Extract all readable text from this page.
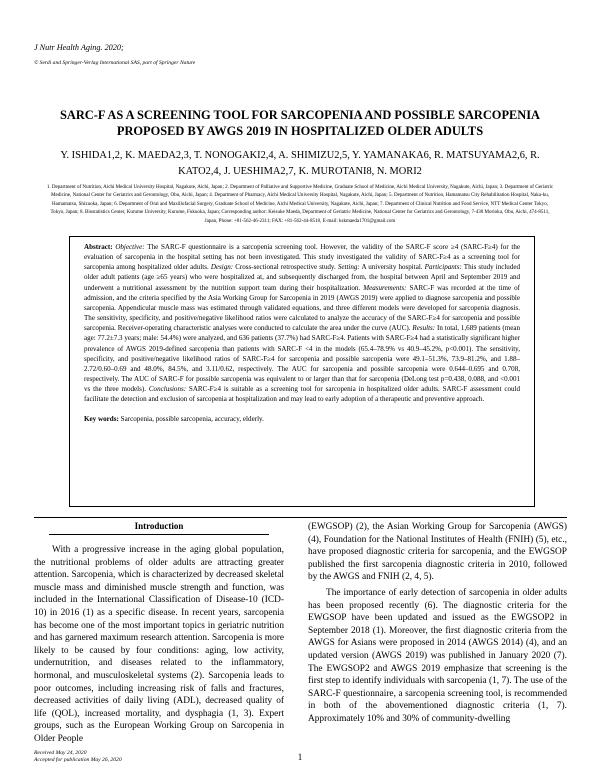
J Nutr Health Aging. 2020;
© Serdi and Springer-Verlag International SAS, part of Springer Nature
SARC-F AS A SCREENING TOOL FOR SARCOPENIA AND POSSIBLE SARCOPENIA PROPOSED BY AWGS 2019 IN HOSPITALIZED OLDER ADULTS
Y. ISHIDA1,2, K. MAEDA2,3, T. NONOGAKI2,4, A. SHIMIZU2,5, Y. YAMANAKA6, R. MATSUYAMA2,6, R. KATO2,4, J. UESHIMA2,7, K. MUROTANI8, N. MORI2
1. Department of Nutrition, Aichi Medical University Hospital, Nagakute, Aichi, Japan; 2. Department of Palliative and Supportive Medicine, Graduate School of Medicine, Aichi Medical University, Nagakute, Aichi, Japan; 3. Department of Geriatric Medicine, National Center for Geriatrics and Gerontology, Obu, Aichi, Japan; 4. Department of Pharmacy, Aichi Medical University Hospital, Nagakute, Aichi, Japan; 5. Department of Nutrition, Hamamatsu City Rehabilitation Hospital, Naka-ku, Hamamatsu, Shizuoka, Japan; 6. Department of Oral and Maxillofacial Surgery, Graduate School of Medicine, Aichi Medical University, Nagakute, Aichi, Japan; 7. Department of Clinical Nutrition and Food Service, NTT Medical Center Tokyo, Tokyo, Japan; 8. Biostatistics Center, Kurume University, Kurume, Fukuoka, Japan; Corresponding author: Keisuke Maeda, Department of Geriatric Medicine, National Center for Geriatrics and Gerontology, 7-430 Morioka, Obu, Aichi, 474-8511, Japan, Phone: +81-562-46-2311; FAX: +81-562-44-8518, E-mail: kskmaeda1701@gmail.com
Abstract: Objective: The SARC-F questionnaire is a sarcopenia screening tool. However, the validity of the SARC-F score ≥4 (SARC-F≥4) for the evaluation of sarcopenia in the hospital setting has not been investigated. This study investigated the validity of SARC-F≥4 as a screening tool for sarcopenia among hospitalized older adults. Design: Cross-sectional retrospective study. Setting: A university hospital. Participants: This study included older adult patients (age ≥65 years) who were hospitalized at, and subsequently discharged from, the hospital between April and September 2019 and underwent a nutritional assessment by the nutrition support team during their hospitalization. Measurements: SARC-F was recorded at the time of admission, and the criteria specified by the Asia Working Group for Sarcopenia in 2019 (AWGS 2019) were applied to diagnose sarcopenia and possible sarcopenia. Appendicular muscle mass was estimated through validated equations, and three different models were developed for sarcopenia diagnosis. The sensitivity, specificity, and positive/negative likelihood ratios were calculated to analyze the accuracy of the SARC-F≥4 for sarcopenia and possible sarcopenia. Receiver-operating characteristic analyses were conducted to calculate the area under the curve (AUC). Results: In total, 1,689 patients (mean age: 77.2±7.3 years; male: 54.4%) were analyzed, and 636 patients (37.7%) had SARC-F≥4. Patients with SARC-F≥4 had a statistically significant higher prevalence of AWGS 2019-defined sarcopenia than patients with SARC-F <4 in the models (65.4–78.9% vs 40.9–45.2%, p<0.001). The sensitivity, specificity, and positive/negative likelihood ratios of SARC-F≥4 for sarcopenia and possible sarcopenia were 49.1–51.3%, 73.9–81.2%, and 1.88–2.72/0.60–0.69 and 48.0%, 84.5%, and 3.11/0.62, respectively. The AUC for sarcopenia and possible sarcopenia were 0.644–0.695 and 0.708, respectively. The AUC of SARC-F for possible sarcopenia was equivalent to or larger than that for sarcopenia (DeLong test p=0.438, 0.088, and <0.001 vs the three models). Conclusions: SARC-F≥4 is suitable as a screening tool for sarcopenia in hospitalized older adults. SARC-F assessment could facilitate the detection and exclusion of sarcopenia at hospitalization and may lead to early adoption of a therapeutic and preventive approach.
Key words: Sarcopenia, possible sarcopenia, accuracy, elderly.
Introduction

With a progressive increase in the aging global population, the nutritional problems of older adults are attracting greater attention. Sarcopenia, which is characterized by decreased skeletal muscle mass and diminished muscle strength and function, was included in the International Classification of Disease-10 (ICD-10) in 2016 (1) as a specific disease. In recent years, sarcopenia has become one of the most important topics in geriatric nutrition and has garnered maximum research attention. Sarcopenia is more likely to be caused by four conditions: aging, low activity, undernutrition, and diseases related to the inflammatory, hormonal, and musculoskeletal systems (2). Sarcopenia leads to poor outcomes, including increasing risk of falls and fractures, decreased activities of daily living (ADL), decreased quality of life (QOL), increased mortality, and dysphagia (1, 3). Expert groups, such as the European Working Group on Sarcopenia in Older People

(EWGSOP) (2), the Asian Working Group for Sarcopenia (AWGS) (4), Foundation for the National Institutes of Health (FNIH) (5), etc., have proposed diagnostic criteria for sarcopenia, and the EWGSOP published the first sarcopenia diagnostic criteria in 2010, followed by the AWGS and FNIH (2, 4, 5).

The importance of early detection of sarcopenia in older adults has been proposed recently (6). The diagnostic criteria for the EWGSOP have been updated and issued as the EWGSOP2 in September 2018 (1). Moreover, the first diagnostic criteria from the AWGS for Asians were proposed in 2014 (AWGS 2014) (4), and an updated version (AWGS 2019) was published in January 2020 (7). The EWGSOP2 and AWGS 2019 emphasize that screening is the first step to identify individuals with sarcopenia (1, 7). The use of the SARC-F questionnaire, a sarcopenia screening tool, is recommended in both of the abovementioned diagnostic criteria (1, 7). Approximately 10% and 30% of community-dwelling

Received May 24, 2020
Accepted for publication May 26, 2020	1
